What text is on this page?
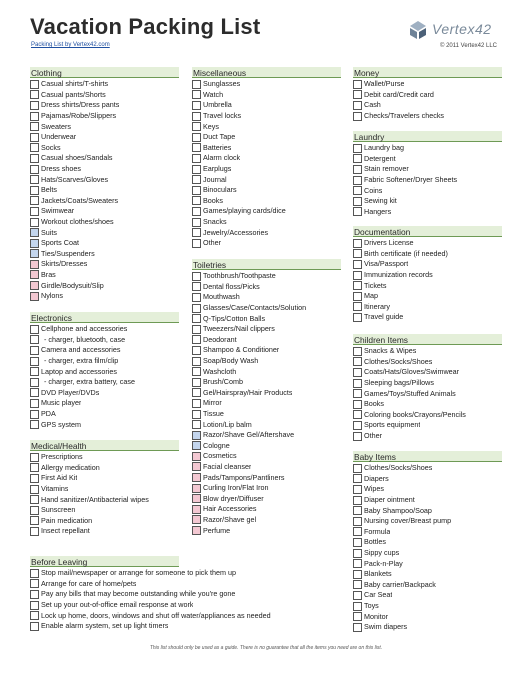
Vacation Packing List
Packing List by Vertex42.com
Vertex42
© 2011 Vertex42 LLC
Clothing
Casual shirts/T-shirts
Casual pants/Shorts
Dress shirts/Dress pants
Pajamas/Robe/Slippers
Sweaters
Underwear
Socks
Casual shoes/Sandals
Dress shoes
Hats/Scarves/Gloves
Belts
Jackets/Coats/Sweaters
Swimwear
Workout clothes/shoes
Suits
Sports Coat
Ties/Suspenders
Skirts/Dresses
Bras
Girdle/Bodysuit/Slip
Nylons
Electronics
Cellphone and accessories
- charger, bluetooth, case
Camera and accessories
- charger, extra film/clip
Laptop and accessories
- charger, extra battery, case
DVD Player/DVDs
Music player
PDA
GPS system
Medical/Health
Prescriptions
Allergy medication
First Aid Kit
Vitamins
Hand sanitizer/Antibacterial wipes
Sunscreen
Pain medication
Insect repellant
Before Leaving
Stop mail/newspaper or arrange for someone to pick them up
Arrange for care of home/pets
Pay any bills that may become outstanding while you're gone
Set up your out-of-office email response at work
Lock up home, doors, windows and shut off water/appliances as needed
Enable alarm system, set up light timers
Miscellaneous
Sunglasses
Watch
Umbrella
Travel locks
Keys
Duct Tape
Batteries
Alarm clock
Earplugs
Journal
Binoculars
Books
Games/playing cards/dice
Snacks
Jewelry/Accessories
Other
Toiletries
Toothbrush/Toothpaste
Dental floss/Picks
Mouthwash
Glasses/Case/Contacts/Solution
Q-Tips/Cotton Balls
Tweezers/Nail clippers
Deodorant
Shampoo & Conditioner
Soap/Body Wash
Washcloth
Brush/Comb
Gel/Hairspray/Hair Products
Mirror
Tissue
Lotion/Lip balm
Razor/Shave Gel/Aftershave
Cologne
Cosmetics
Facial cleanser
Pads/Tampons/Pantliners
Curling Iron/Flat Iron
Blow dryer/Diffuser
Hair Accessories
Razor/Shave gel
Perfume
Money
Wallet/Purse
Debit card/Credit card
Cash
Checks/Travelers checks
Laundry
Laundry bag
Detergent
Stain remover
Fabric Softener/Dryer Sheets
Coins
Sewing kit
Hangers
Documentation
Drivers License
Birth certificate (if needed)
Visa/Passport
Immunization records
Tickets
Map
Itinerary
Travel guide
Children Items
Snacks & Wipes
Clothes/Socks/Shoes
Coats/Hats/Gloves/Swimwear
Sleeping bags/Pillows
Games/Toys/Stuffed Animals
Books
Coloring books/Crayons/Pencils
Sports equipment
Other
Baby Items
Clothes/Socks/Shoes
Diapers
Wipes
Diaper ointment
Baby Shampoo/Soap
Nursing cover/Breast pump
Formula
Bottles
Sippy cups
Pack-n-Play
Blankets
Baby carrier/Backpack
Car Seat
Toys
Monitor
Swim diapers
This list should only be used as a guide. There is no guarantee that all the items you need are on this list.
